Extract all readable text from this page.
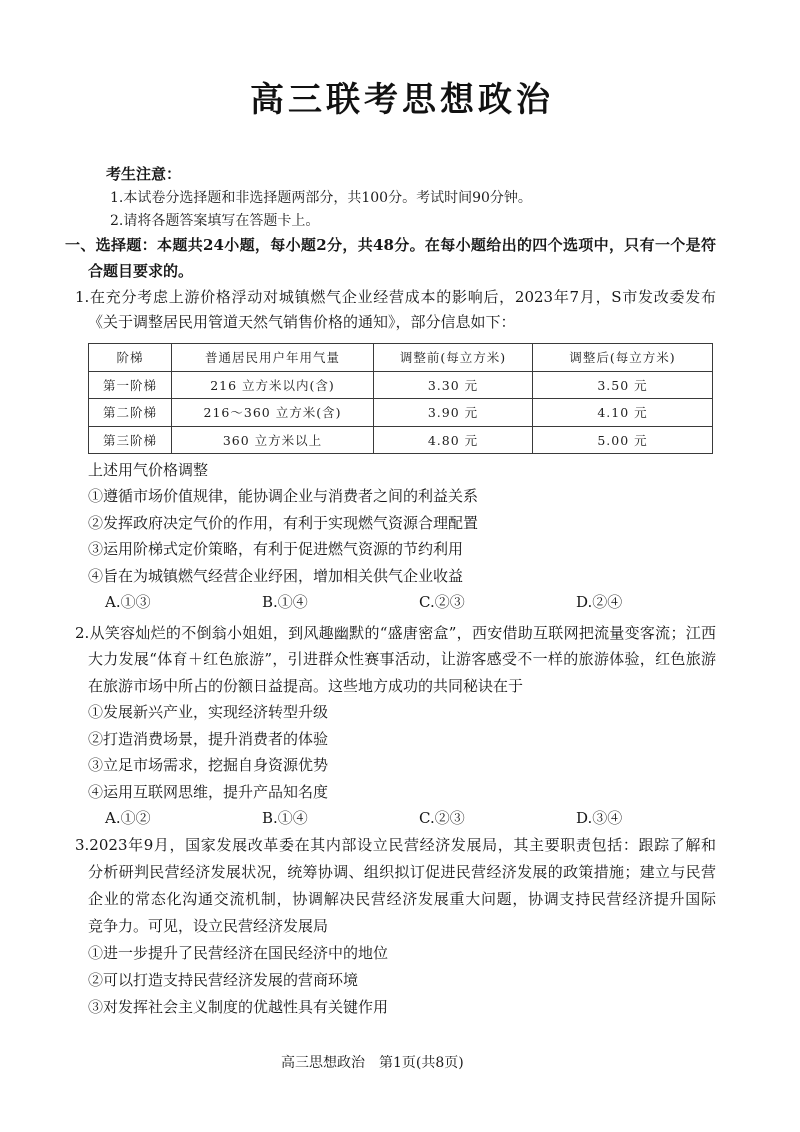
高三联考思想政治
考生注意：
1.本试卷分选择题和非选择题两部分，共100分。考试时间90分钟。
2.请将各题答案填写在答题卡上。
一、选择题：本题共24小题，每小题2分，共48分。在每小题给出的四个选项中，只有一个是符
合题目要求的。
1.在充分考虑上游价格浮动对城镇燃气企业经营成本的影响后，2023年7月，S市发改委发布
《关于调整居民用管道天然气销售价格的通知》，部分信息如下：
阶梯	普通居民用户年用气量	调整前(每立方米)	调整后(每立方米)
第一阶梯	216 立方米以内(含)	3.30 元	3.50 元
第二阶梯	216～360 立方米(含)	3.90 元	4.10 元
第三阶梯	360 立方米以上	4.80 元	5.00 元
上述用气价格调整
①遵循市场价值规律，能协调企业与消费者之间的利益关系
②发挥政府决定气价的作用，有利于实现燃气资源合理配置
③运用阶梯式定价策略，有利于促进燃气资源的节约利用
④旨在为城镇燃气经营企业纾困，增加相关供气企业收益
A.①③	B.①④	C.②③	D.②④
2.从笑容灿烂的不倒翁小姐姐，到风趣幽默的“盛唐密盒”，西安借助互联网把流量变客流；江西
大力发展“体育＋红色旅游”，引进群众性赛事活动，让游客感受不一样的旅游体验，红色旅游
在旅游市场中所占的份额日益提高。这些地方成功的共同秘诀在于
①发展新兴产业，实现经济转型升级
②打造消费场景，提升消费者的体验
③立足市场需求，挖掘自身资源优势
④运用互联网思维，提升产品知名度
A.①②	B.①④	C.②③	D.③④
3.2023年9月，国家发展改革委在其内部设立民营经济发展局，其主要职责包括：跟踪了解和
分析研判民营经济发展状况，统筹协调、组织拟订促进民营经济发展的政策措施；建立与民营
企业的常态化沟通交流机制，协调解决民营经济发展重大问题，协调支持民营经济提升国际
竞争力。可见，设立民营经济发展局
①进一步提升了民营经济在国民经济中的地位
②可以打造支持民营经济发展的营商环境
③对发挥社会主义制度的优越性具有关键作用
高三思想政治　第1页(共8页)
